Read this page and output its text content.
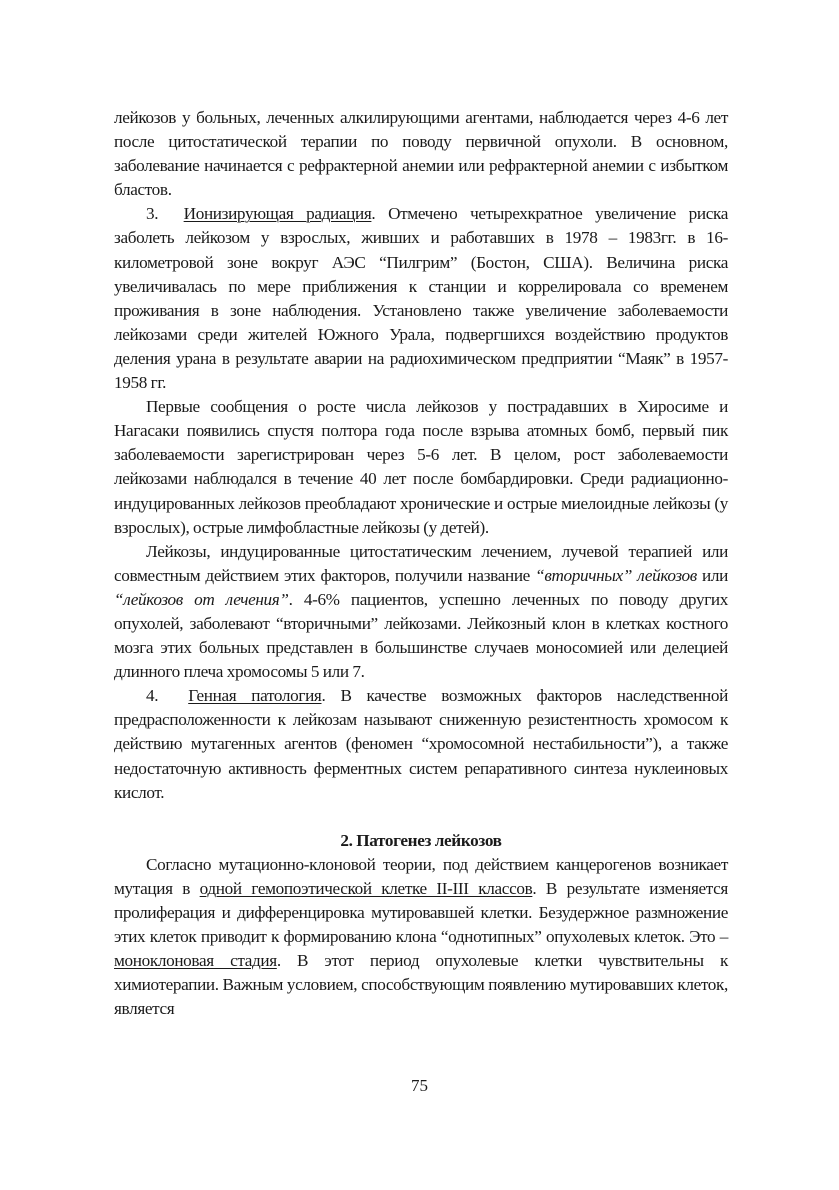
лейкозов у больных, леченных алкилирующими агентами, наблюдается через 4-6 лет после цитостатической терапии по поводу первичной опухоли. В основном, заболевание начинается с рефрактерной анемии или рефрактерной анемии с избытком бластов.

3. Ионизирующая радиация. Отмечено четырехкратное увеличение риска заболеть лейкозом у взрослых, живших и работавших в 1978 – 1983гг. в 16-километровой зоне вокруг АЭС “Пилгрим” (Бостон, США). Величина риска увеличивалась по мере приближения к станции и коррелировала со временем проживания в зоне наблюдения. Установлено также увеличение заболеваемости лейкозами среди жителей Южного Урала, подвергшихся воздействию продуктов деления урана в результате аварии на радиохимическом предприятии “Маяк” в 1957-1958 гг.

Первые сообщения о росте числа лейкозов у пострадавших в Хиросиме и Нагасаки появились спустя полтора года после взрыва атомных бомб, первый пик заболеваемости зарегистрирован через 5-6 лет. В целом, рост заболеваемости лейкозами наблюдался в течение 40 лет после бомбардировки. Среди радиационно-индуцированных лейкозов преобладают хронические и острые миелоидные лейкозы (у взрослых), острые лимфобластные лейкозы (у детей).

Лейкозы, индуцированные цитостатическим лечением, лучевой терапией или совместным действием этих факторов, получили название “вторичных” лейкозов или “лейкозов от лечения”. 4-6% пациентов, успешно леченных по поводу других опухолей, заболевают “вторичными” лейкозами. Лейкозный клон в клетках костного мозга этих больных представлен в большинстве случаев моносомией или делецией длинного плеча хромосомы 5 или 7.

4. Генная патология. В качестве возможных факторов наследственной предрасположенности к лейкозам называют сниженную резистентность хромосом к действию мутагенных агентов (феномен “хромосомной нестабильности”), а также недостаточную активность ферментных систем репаративного синтеза нуклеиновых кислот.

2. Патогенез лейкозов

Согласно мутационно-клоновой теории, под действием канцерогенов возникает мутация в одной гемопоэтической клетке II-III классов. В результате изменяется пролиферация и дифференцировка мутировавшей клетки. Безудержное размножение этих клеток приводит к формированию клона “однотипных” опухолевых клеток. Это – моноклоновая стадия. В этот период опухолевые клетки чувствительны к химиотерапии. Важным условием, способствующим появлению мутировавших клеток, является

75
